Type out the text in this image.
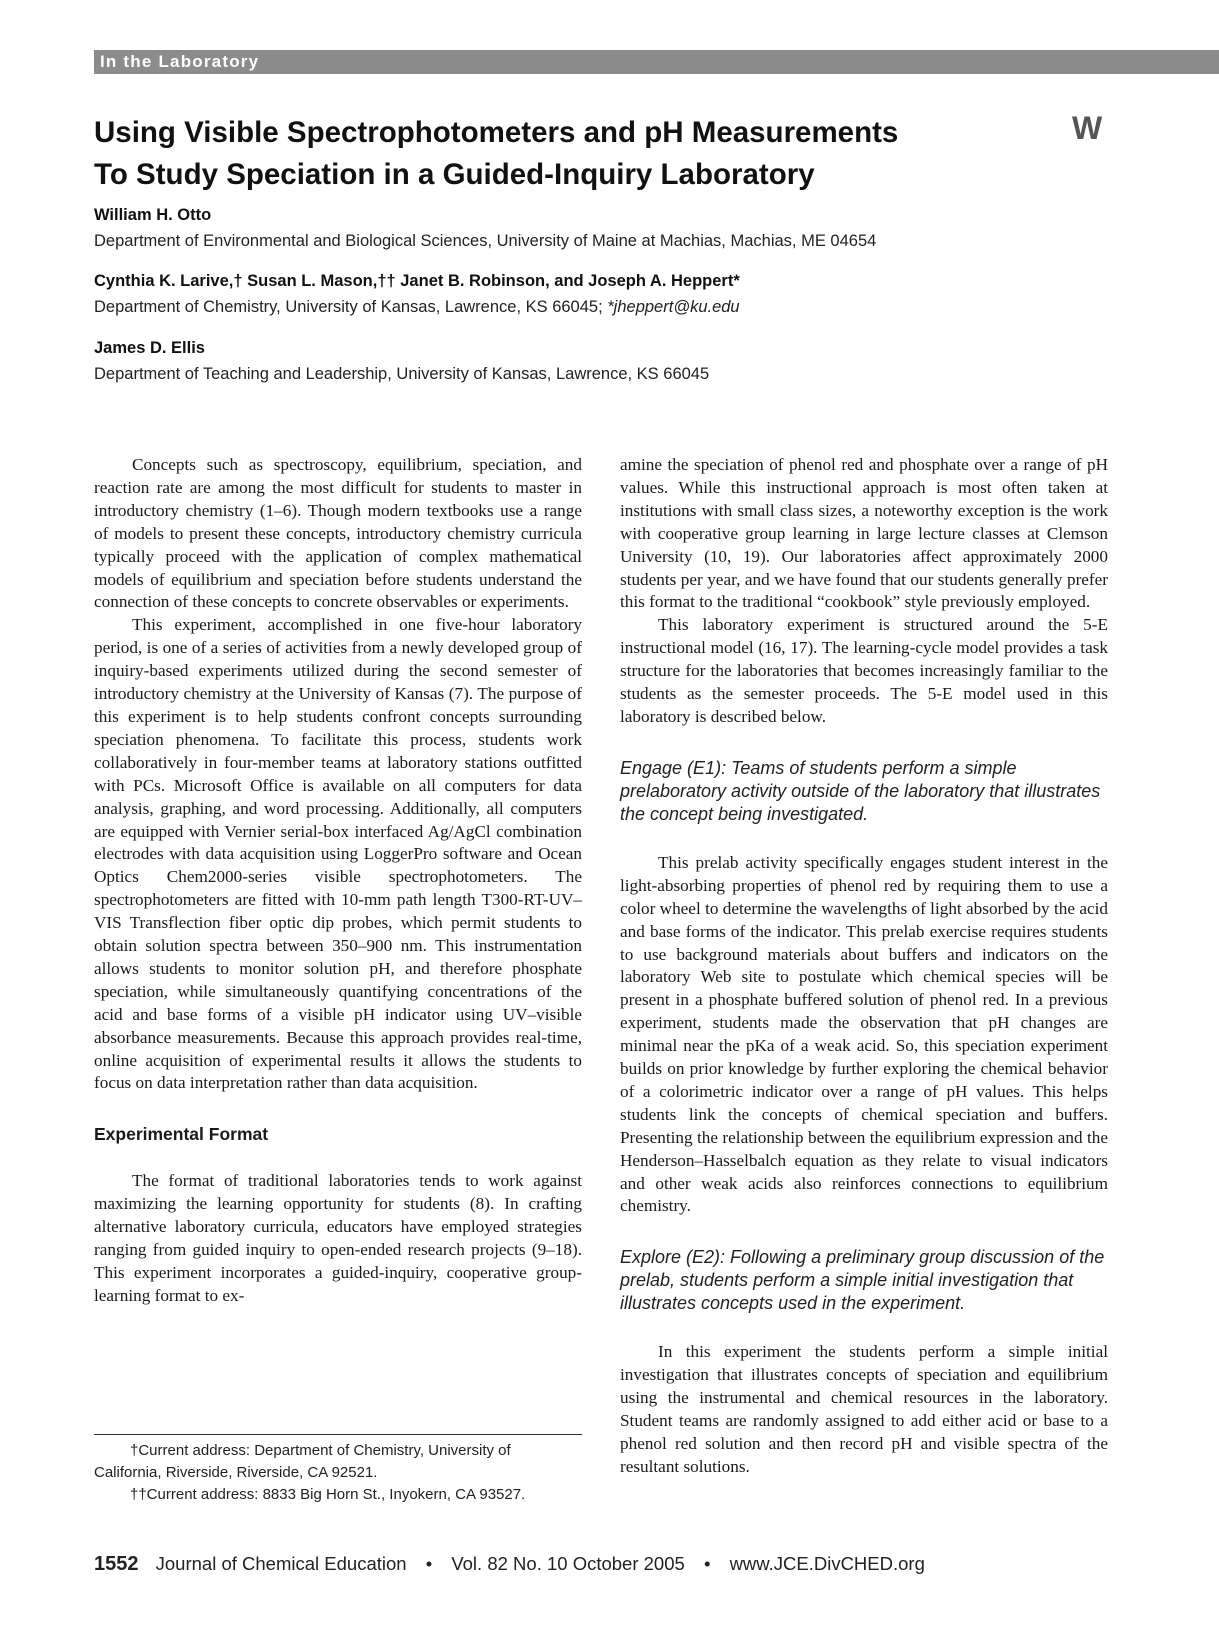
In the Laboratory
Using Visible Spectrophotometers and pH Measurements
To Study Speciation in a Guided-Inquiry Laboratory
W
William H. Otto
Department of Environmental and Biological Sciences, University of Maine at Machias, Machias, ME 04654
Cynthia K. Larive,† Susan L. Mason,†† Janet B. Robinson, and Joseph A. Heppert*
Department of Chemistry, University of Kansas, Lawrence, KS 66045; *jheppert@ku.edu
James D. Ellis
Department of Teaching and Leadership, University of Kansas, Lawrence, KS 66045

Concepts such as spectroscopy, equilibrium, speciation, and reaction rate are among the most difficult for students to master in introductory chemistry (1–6). Though modern textbooks use a range of models to present these concepts, introductory chemistry curricula typically proceed with the application of complex mathematical models of equilibrium and speciation before students understand the connection of these concepts to concrete observables or experiments.

This experiment, accomplished in one five-hour laboratory period, is one of a series of activities from a newly developed group of inquiry-based experiments utilized during the second semester of introductory chemistry at the University of Kansas (7). The purpose of this experiment is to help students confront concepts surrounding speciation phenomena. To facilitate this process, students work collaboratively in four-member teams at laboratory stations outfitted with PCs. Microsoft Office is available on all computers for data analysis, graphing, and word processing. Additionally, all computers are equipped with Vernier serial-box interfaced Ag/AgCl combination electrodes with data acquisition using LoggerPro software and Ocean Optics Chem2000-series visible spectrophotometers. The spectrophotometers are fitted with 10-mm path length T300-RT-UV–VIS Transflection fiber optic dip probes, which permit students to obtain solution spectra between 350–900 nm. This instrumentation allows students to monitor solution pH, and therefore phosphate speciation, while simultaneously quantifying concentrations of the acid and base forms of a visible pH indicator using UV–visible absorbance measurements. Because this approach provides real-time, online acquisition of experimental results it allows the students to focus on data interpretation rather than data acquisition.

Experimental Format

The format of traditional laboratories tends to work against maximizing the learning opportunity for students (8). In crafting alternative laboratory curricula, educators have employed strategies ranging from guided inquiry to open-ended research projects (9–18). This experiment incorporates a guided-inquiry, cooperative group-learning format to ex-

amine the speciation of phenol red and phosphate over a range of pH values. While this instructional approach is most often taken at institutions with small class sizes, a noteworthy exception is the work with cooperative group learning in large lecture classes at Clemson University (10, 19). Our laboratories affect approximately 2000 students per year, and we have found that our students generally prefer this format to the traditional “cookbook” style previously employed.

This laboratory experiment is structured around the 5-E instructional model (16, 17). The learning-cycle model provides a task structure for the laboratories that becomes increasingly familiar to the students as the semester proceeds. The 5-E model used in this laboratory is described below.

Engage (E1): Teams of students perform a simple prelaboratory activity outside of the laboratory that illustrates the concept being investigated.

This prelab activity specifically engages student interest in the light-absorbing properties of phenol red by requiring them to use a color wheel to determine the wavelengths of light absorbed by the acid and base forms of the indicator. This prelab exercise requires students to use background materials about buffers and indicators on the laboratory Web site to postulate which chemical species will be present in a phosphate buffered solution of phenol red. In a previous experiment, students made the observation that pH changes are minimal near the pKa of a weak acid. So, this speciation experiment builds on prior knowledge by further exploring the chemical behavior of a colorimetric indicator over a range of pH values. This helps students link the concepts of chemical speciation and buffers. Presenting the relationship between the equilibrium expression and the Henderson–Hasselbalch equation as they relate to visual indicators and other weak acids also reinforces connections to equilibrium chemistry.

Explore (E2): Following a preliminary group discussion of the prelab, students perform a simple initial investigation that illustrates concepts used in the experiment.

In this experiment the students perform a simple initial investigation that illustrates concepts of speciation and equilibrium using the instrumental and chemical resources in the laboratory. Student teams are randomly assigned to add either acid or base to a phenol red solution and then record pH and visible spectra of the resultant solutions.

†Current address: Department of Chemistry, University of California, Riverside, Riverside, CA 92521.

††Current address: 8833 Big Horn St., Inyokern, CA 93527.

1552 Journal of Chemical Education • Vol. 82 No. 10 October 2005 • www.JCE.DivCHED.org
